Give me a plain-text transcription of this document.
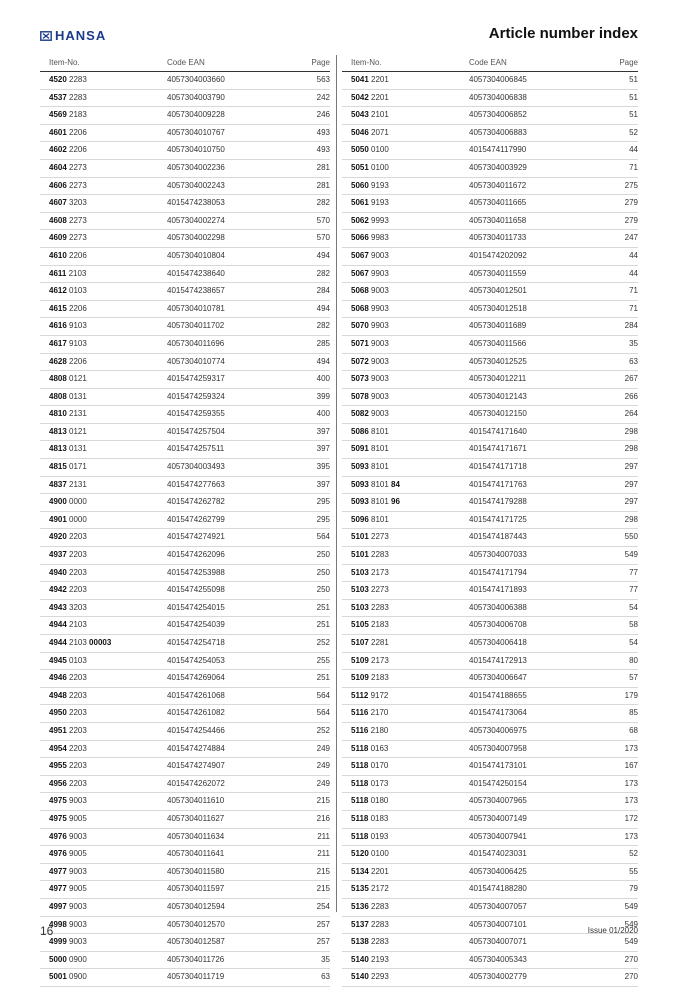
HANSA	Article number index
Item-No.	Code EAN	Page
4520 2283	4057304003660	563
4537 2283	4057304003790	242
4569 2183	4057304009228	246
4601 2206	4057304010767	493
4602 2206	4057304010750	493
4604 2273	4057304002236	281
4606 2273	4057304002243	281
4607 3203	4015474238053	282
4608 2273	4057304002274	570
4609 2273	4057304002298	570
4610 2206	4057304010804	494
4611 2103	4015474238640	282
4612 0103	4015474238657	284
4615 2206	4057304010781	494
4616 9103	4057304011702	282
4617 9103	4057304011696	285
4628 2206	4057304010774	494
4808 0121	4015474259317	400
4808 0131	4015474259324	399
4810 2131	4015474259355	400
4813 0121	4015474257504	397
4813 0131	4015474257511	397
4815 0171	4057304003493	395
4837 2131	4015474277663	397
4900 0000	4015474262782	295
4901 0000	4015474262799	295
4920 2203	4015474274921	564
4937 2203	4015474262096	250
4940 2203	4015474253988	250
4942 2203	4015474255098	250
4943 3203	4015474254015	251
4944 2103	4015474254039	251
4944 2103 00003	4015474254718	252
4945 0103	4015474254053	255
4946 2203	4015474269064	251
4948 2203	4015474261068	564
4950 2203	4015474261082	564
4951 2203	4015474254466	252
4954 2203	4015474274884	249
4955 2203	4015474274907	249
4956 2203	4015474262072	249
4975 9003	4057304011610	215
4975 9005	4057304011627	216
4976 9003	4057304011634	211
4976 9005	4057304011641	211
4977 9003	4057304011580	215
4977 9005	4057304011597	215
4997 9003	4057304012594	254
4998 9003	4057304012570	257
4999 9003	4057304012587	257
5000 0900	4057304011726	35
5001 0900	4057304011719	63
Item-No.	Code EAN	Page
5041 2201	4057304006845	51
5042 2201	4057304006838	51
5043 2101	4057304006852	51
5046 2071	4057304006883	52
5050 0100	4015474117990	44
5051 0100	4057304003929	71
5060 9193	4057304011672	275
5061 9193	4057304011665	279
5062 9993	4057304011658	279
5066 9983	4057304011733	247
5067 9003	4015474202092	44
5067 9903	4057304011559	44
5068 9003	4057304012501	71
5068 9903	4057304012518	71
5070 9903	4057304011689	284
5071 9003	4057304011566	35
5072 9003	4057304012525	63
5073 9003	4057304012211	267
5078 9003	4057304012143	266
5082 9003	4057304012150	264
5086 8101	4015474171640	298
5091 8101	4015474171671	298
5093 8101	4015474171718	297
5093 8101 84	4015474171763	297
5093 8101 96	4015474179288	297
5096 8101	4015474171725	298
5101 2273	4015474187443	550
5101 2283	4057304007033	549
5103 2173	4015474171794	77
5103 2273	4015474171893	77
5103 2283	4057304006388	54
5105 2183	4057304006708	58
5107 2281	4057304006418	54
5109 2173	4015474172913	80
5109 2183	4057304006647	57
5112 9172	4015474188655	179
5116 2170	4015474173064	85
5116 2180	4057304006975	68
5118 0163	4057304007958	173
5118 0170	4015474173101	167
5118 0173	4015474250154	173
5118 0180	4057304007965	173
5118 0183	4057304007149	172
5118 0193	4057304007941	173
5120 0100	4015474023031	52
5134 2201	4057304006425	55
5135 2172	4015474188280	79
5136 2283	4057304007057	549
5137 2283	4057304007101	549
5138 2283	4057304007071	549
5140 2193	4057304005343	270
5140 2293	4057304002779	270
16	Issue 01/2020
